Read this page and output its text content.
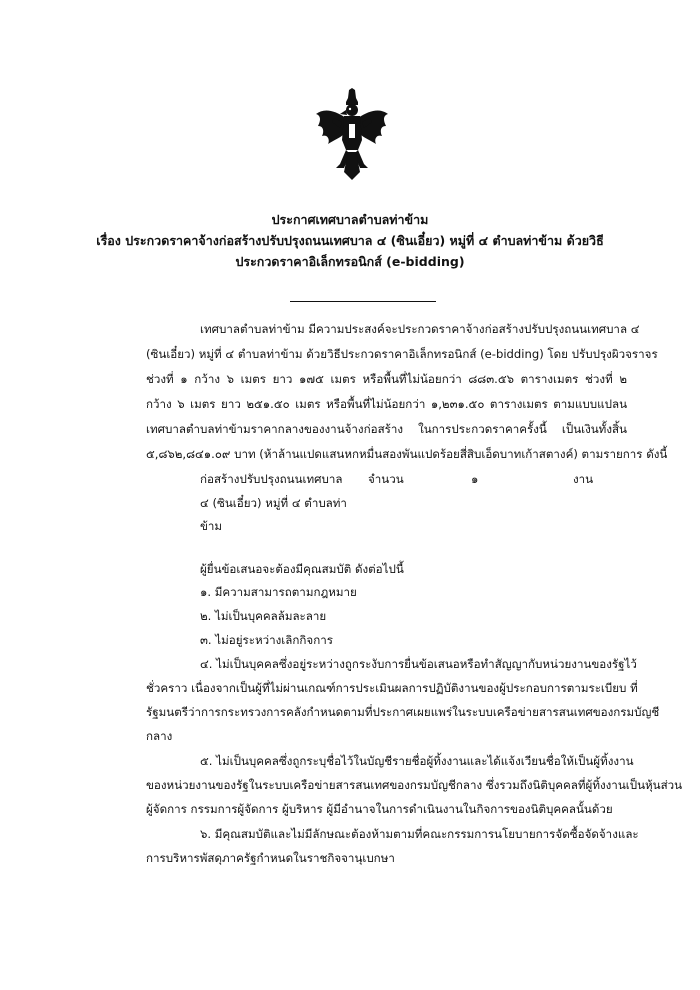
ประกาศเทศบาลตำบลท่าข้าม
เรื่อง ประกวดราคาจ้างก่อสร้างปรับปรุงถนนเทศบาล ๔ (ซินเอี๋ยว) หมู่ที่ ๔ ตำบลท่าข้าม ด้วยวิธี
ประกวดราคาอิเล็กทรอนิกส์ (e-bidding)
เทศบาลตำบลท่าข้าม มีความประสงค์จะประกวดราคาจ้างก่อสร้างปรับปรุงถนนเทศบาล ๔
(ซินเอี๋ยว) หมู่ที่ ๔ ตำบลท่าข้าม ด้วยวิธีประกวดราคาอิเล็กทรอนิกส์ (e-bidding) โดย ปรับปรุงผิวจราจร
ช่วงที่ ๑ กว้าง ๖ เมตร ยาว ๑๗๕ เมตร หรือพื้นที่ไม่น้อยกว่า ๘๘๓.๕๖ ตารางเมตร ช่วงที่ ๒
กว้าง ๖ เมตร ยาว ๒๕๑.๕๐ เมตร หรือพื้นที่ไม่น้อยกว่า ๑,๒๓๑.๕๐ ตารางเมตร ตามแบบแปลน
เทศบาลตำบลท่าข้ามราคากลางของงานจ้างก่อสร้าง ในการประกวดราคาครั้งนี้ เป็นเงินทั้งสิ้น
๕,๘๖๒,๘๔๑.๐๙ บาท (ห้าล้านแปดแสนหกหมื่นสองพันแปดร้อยสี่สิบเอ็ดบาทเก้าสตางค์) ตามรายการ ดังนี้
ก่อสร้างปรับปรุงถนนเทศบาล
๔ (ซินเอี๋ยว) หมู่ที่ ๔ ตำบลท่า
ข้าม
จำนวน	๑	งาน
ผู้ยื่นข้อเสนอจะต้องมีคุณสมบัติ ดังต่อไปนี้
๑. มีความสามารถตามกฎหมาย
๒. ไม่เป็นบุคคลล้มละลาย
๓. ไม่อยู่ระหว่างเลิกกิจการ
๔. ไม่เป็นบุคคลซึ่งอยู่ระหว่างถูกระงับการยื่นข้อเสนอหรือทำสัญญากับหน่วยงานของรัฐไว้
ชั่วคราว เนื่องจากเป็นผู้ที่ไม่ผ่านเกณฑ์การประเมินผลการปฏิบัติงานของผู้ประกอบการตามระเบียบ ที่
รัฐมนตรีว่าการกระทรวงการคลังกำหนดตามที่ประกาศเผยแพร่ในระบบเครือข่ายสารสนเทศของกรมบัญชี
กลาง
๕. ไม่เป็นบุคคลซึ่งถูกระบุชื่อไว้ในบัญชีรายชื่อผู้ทิ้งงานและได้แจ้งเวียนชื่อให้เป็นผู้ทิ้งงาน
ของหน่วยงานของรัฐในระบบเครือข่ายสารสนเทศของกรมบัญชีกลาง ซึ่งรวมถึงนิติบุคคลที่ผู้ทิ้งงานเป็นหุ้นส่วน
ผู้จัดการ กรรมการผู้จัดการ ผู้บริหาร ผู้มีอำนาจในการดำเนินงานในกิจการของนิติบุคคลนั้นด้วย
๖. มีคุณสมบัติและไม่มีลักษณะต้องห้ามตามที่คณะกรรมการนโยบายการจัดซื้อจัดจ้างและ
การบริหารพัสดุภาครัฐกำหนดในราชกิจจานุเบกษา
